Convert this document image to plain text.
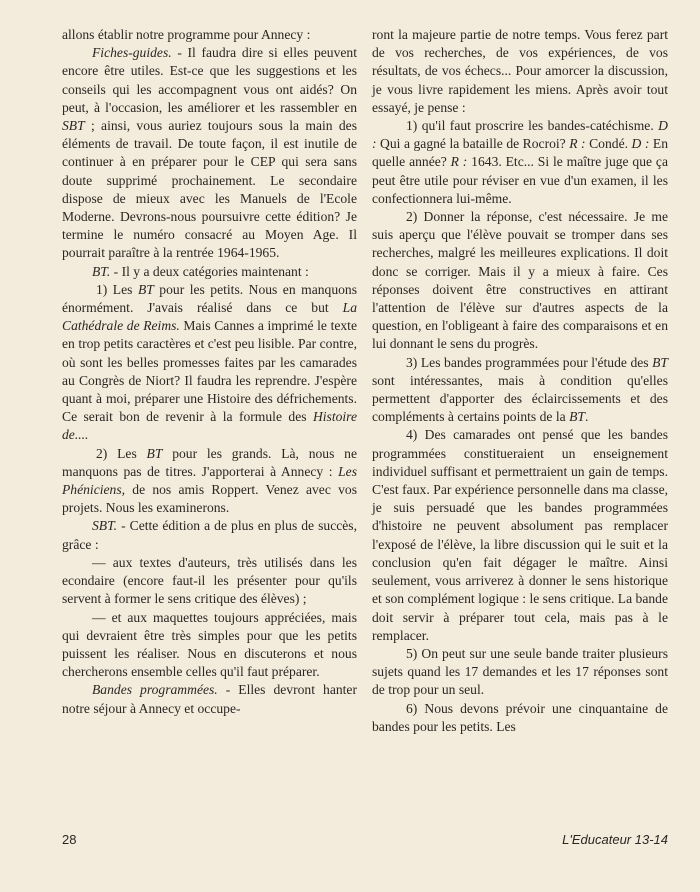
allons établir notre programme pour Annecy :

Fiches-guides. - Il faudra dire si elles peuvent encore être utiles. Est-ce que les suggestions et les conseils qui les accompagnent vous ont aidés? On peut, à l'occasion, les améliorer et les rassembler en SBT ; ainsi, vous auriez toujours sous la main des éléments de travail. De toute façon, il est inutile de continuer à en préparer pour le CEP qui sera sans doute supprimé prochainement. Le secondaire dispose de mieux avec les Manuels de l'Ecole Moderne. Devrons-nous poursuivre cette édition? Je termine le numéro consacré au Moyen Age. Il pourrait paraître à la rentrée 1964-1965.

BT. - Il y a deux catégories maintenant :

1) Les BT pour les petits. Nous en manquons énormément. J'avais réalisé dans ce but La Cathédrale de Reims. Mais Cannes a imprimé le texte en trop petits caractères et c'est peu lisible. Par contre, où sont les belles promesses faites par les camarades au Congrès de Niort? Il faudra les reprendre. J'espère quant à moi, préparer une Histoire des défrichements. Ce serait bon de revenir à la formule des Histoire de....

2) Les BT pour les grands. Là, nous ne manquons pas de titres. J'apporterai à Annecy : Les Phéniciens, de nos amis Roppert. Venez avec vos projets. Nous les examinerons.

SBT. - Cette édition a de plus en plus de succès, grâce :

— aux textes d'auteurs, très utilisés dans les econdaire (encore faut-il les présenter pour qu'ils servent à former le sens critique des élèves) ;

— et aux maquettes toujours appréciées, mais qui devraient être très simples pour que les petits puissent les réaliser. Nous en discuterons et nous chercherons ensemble celles qu'il faut préparer.

Bandes programmées. - Elles devront hanter notre séjour à Annecy et occupe-

ront la majeure partie de notre temps. Vous ferez part de vos recherches, de vos expériences, de vos résultats, de vos échecs... Pour amorcer la discussion, je vous livre rapidement les miens. Après avoir tout essayé, je pense :

1) qu'il faut proscrire les bandes-catéchisme. D : Qui a gagné la bataille de Rocroi? R : Condé. D : En quelle année? R : 1643. Etc... Si le maître juge que ça peut être utile pour réviser en vue d'un examen, il les confectionnera lui-même.

2) Donner la réponse, c'est nécessaire. Je me suis aperçu que l'élève pouvait se tromper dans ses recherches, malgré les meilleures explications. Il doit donc se corriger. Mais il y a mieux à faire. Ces réponses doivent être constructives en attirant l'attention de l'élève sur d'autres aspects de la question, en l'obligeant à faire des comparaisons et en lui donnant le sens du progrès.

3) Les bandes programmées pour l'étude des BT sont intéressantes, mais à condition qu'elles permettent d'apporter des éclaircissements et des compléments à certains points de la BT.

4) Des camarades ont pensé que les bandes programmées constitueraient un enseignement individuel suffisant et permettraient un gain de temps. C'est faux. Par expérience personnelle dans ma classe, je suis persuadé que les bandes programmées d'histoire ne peuvent absolument pas remplacer l'exposé de l'élève, la libre discussion qui le suit et la conclusion qu'en fait dégager le maître. Ainsi seulement, vous arriverez à donner le sens historique et son complément logique : le sens critique. La bande doit servir à préparer tout cela, mais pas à le remplacer.

5) On peut sur une seule bande traiter plusieurs sujets quand les 17 demandes et les 17 réponses sont de trop pour un seul.

6) Nous devons prévoir une cinquantaine de bandes pour les petits. Les

28	L'Educateur 13-14
